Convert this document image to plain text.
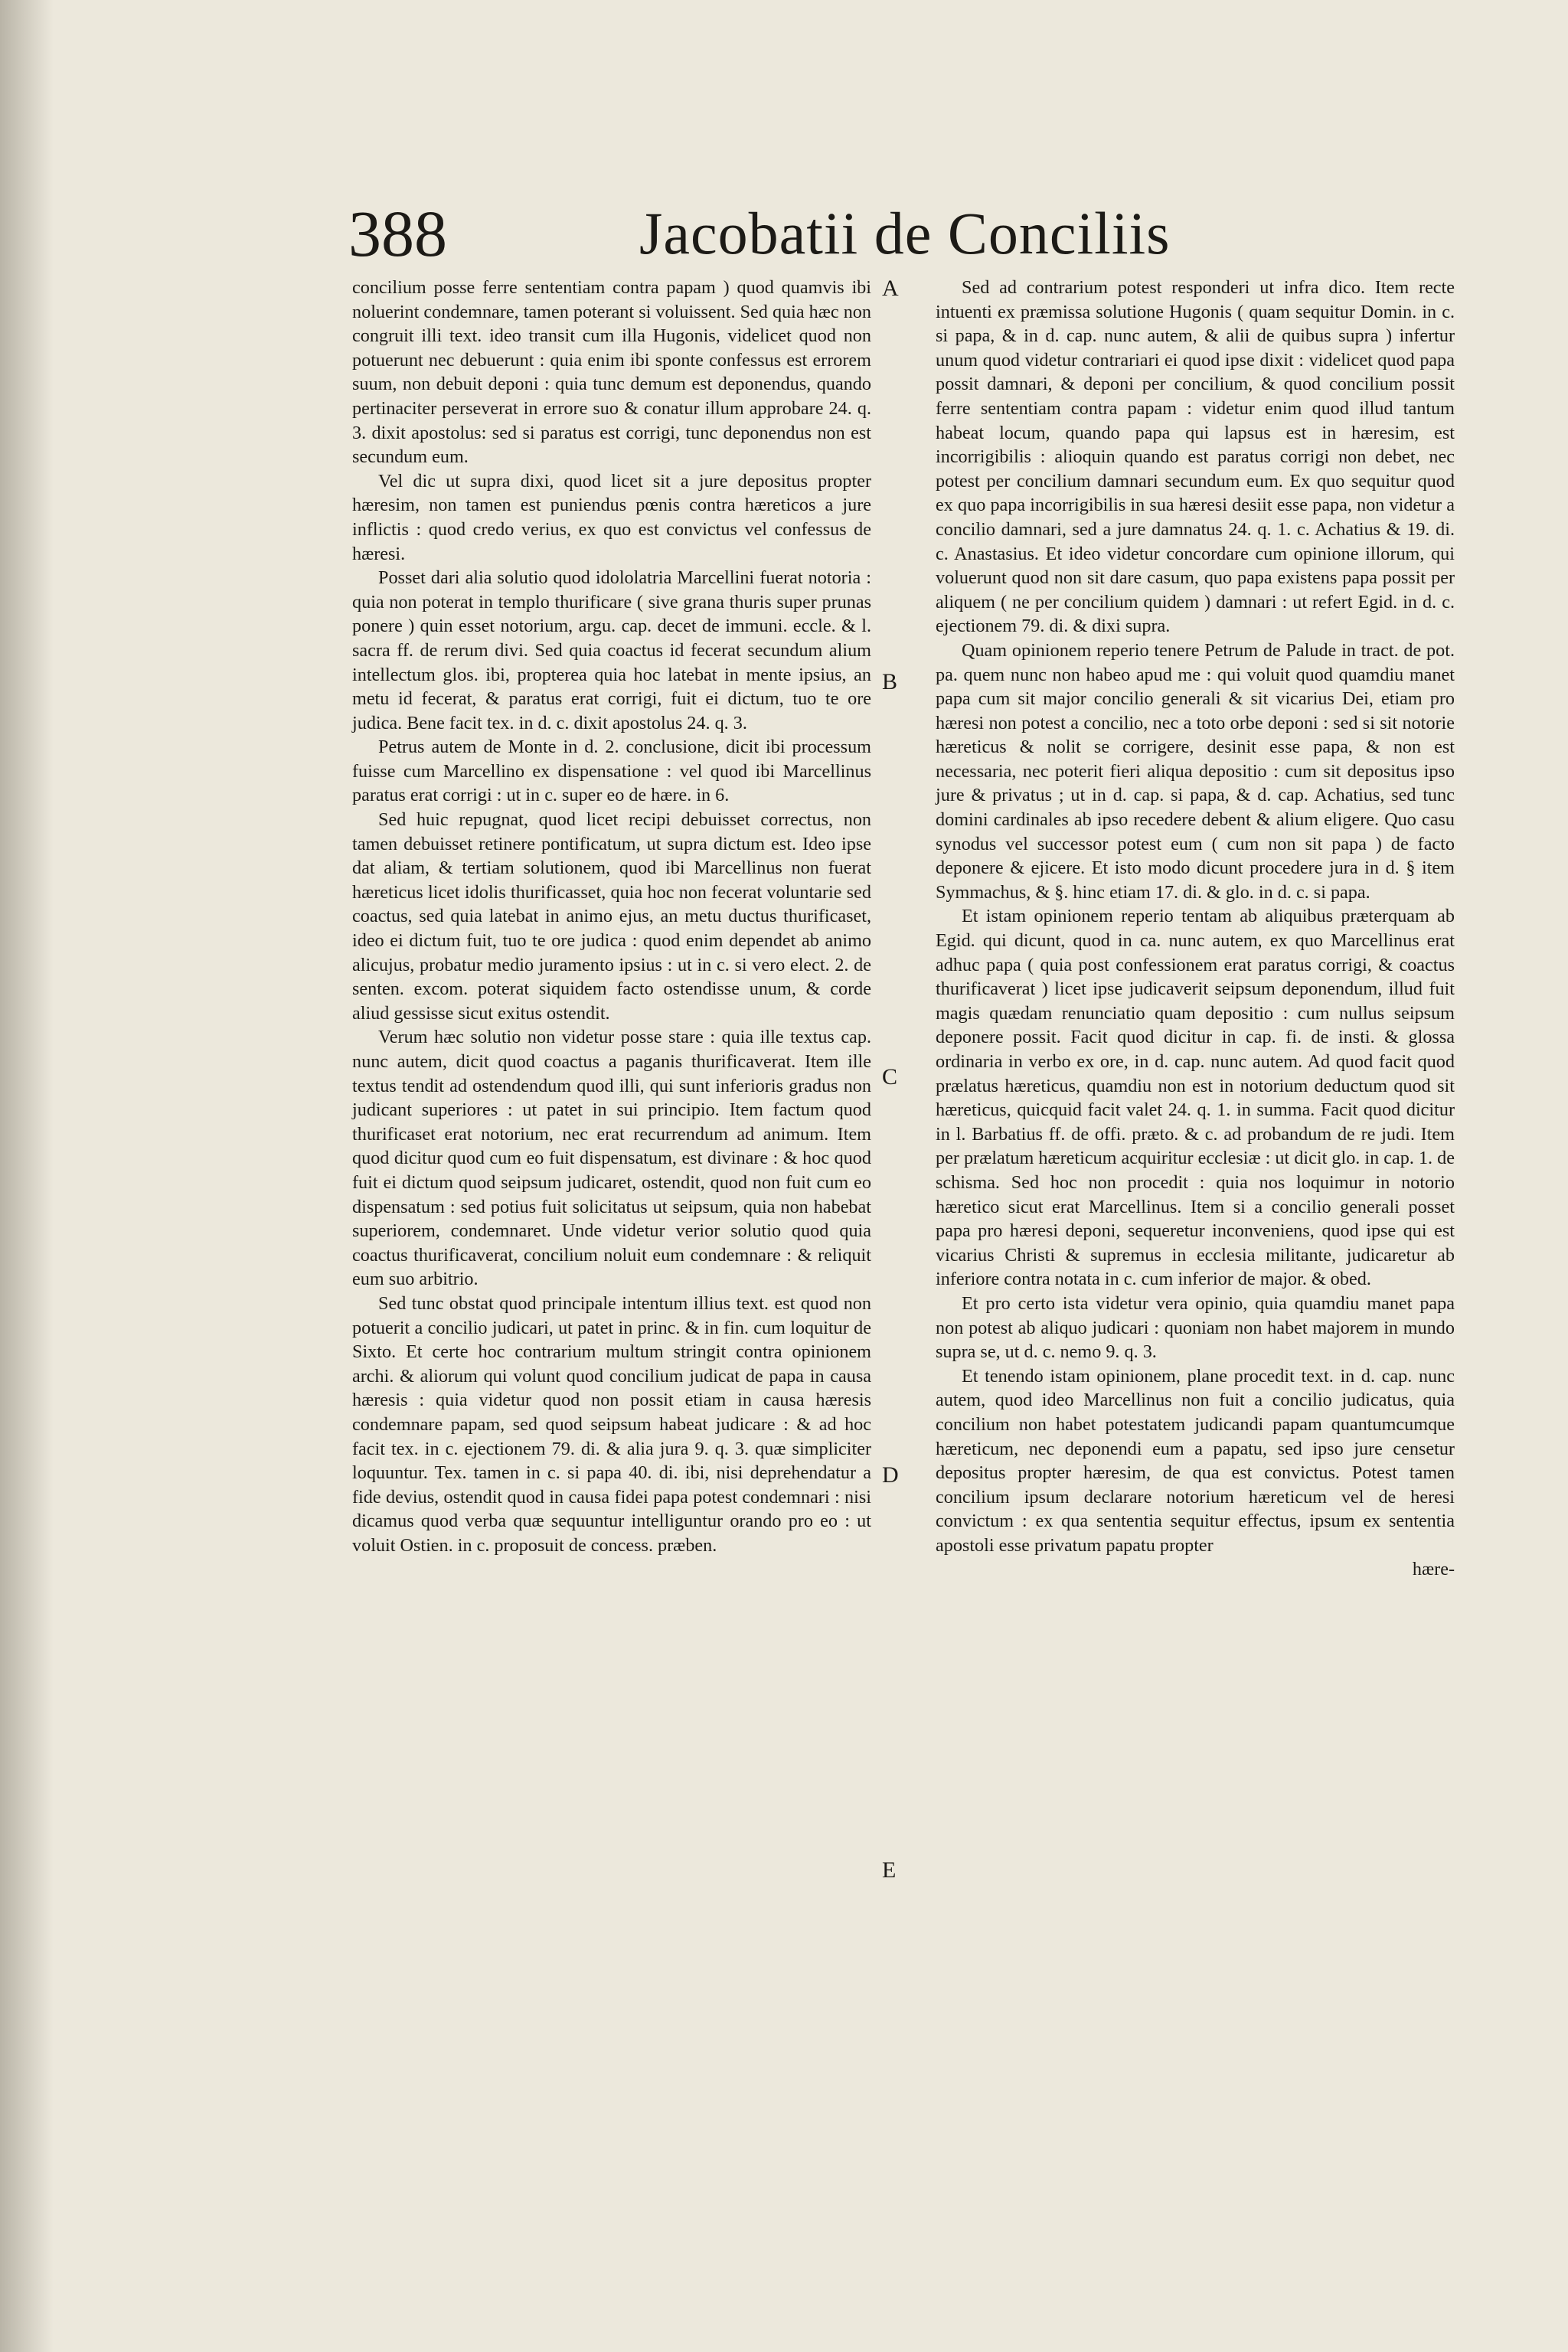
388	Jacobatii de Conciliis
A
B
C
D
E

concilium posse ferre sententiam contra papam ) quod quamvis ibi noluerint condemnare, tamen poterant si voluissent. Sed quia hæc non congruit illi text. ideo transit cum illa Hugonis, videlicet quod non potuerunt nec debuerunt : quia enim ibi sponte confessus est errorem suum, non debuit deponi : quia tunc demum est deponendus, quando pertinaciter perseverat in errore suo & conatur illum approbare 24. q. 3. dixit apostolus: sed si paratus est corrigi, tunc deponendus non est secundum eum.

Vel dic ut supra dixi, quod licet sit a jure depositus propter hæresim, non tamen est puniendus pœnis contra hæreticos a jure inflictis : quod credo verius, ex quo est convictus vel confessus de hæresi.

Posset dari alia solutio quod idololatria Marcellini fuerat notoria : quia non poterat in templo thurificare ( sive grana thuris super prunas ponere ) quin esset notorium, argu. cap. decet de immuni. eccle. & l. sacra ff. de rerum divi. Sed quia coactus id fecerat secundum alium intellectum glos. ibi, propterea quia hoc latebat in mente ipsius, an metu id fecerat, & paratus erat corrigi, fuit ei dictum, tuo te ore judica. Bene facit tex. in d. c. dixit apostolus 24. q. 3.

Petrus autem de Monte in d. 2. conclusione, dicit ibi processum fuisse cum Marcellino ex dispensatione : vel quod ibi Marcellinus paratus erat corrigi : ut in c. super eo de hære. in 6.

Sed huic repugnat, quod licet recipi debuisset correctus, non tamen debuisset retinere pontificatum, ut supra dictum est. Ideo ipse dat aliam, & tertiam solutionem, quod ibi Marcellinus non fuerat hæreticus licet idolis thurificasset, quia hoc non fecerat voluntarie sed coactus, sed quia latebat in animo ejus, an metu ductus thurificaset, ideo ei dictum fuit, tuo te ore judica : quod enim dependet ab animo alicujus, probatur medio juramento ipsius : ut in c. si vero elect. 2. de senten. excom. poterat siquidem facto ostendisse unum, & corde aliud gessisse sicut exitus ostendit.

Verum hæc solutio non videtur posse stare : quia ille textus cap. nunc autem, dicit quod coactus a paganis thurificaverat. Item ille textus tendit ad ostendendum quod illi, qui sunt inferioris gradus non judicant superiores : ut patet in sui principio. Item factum quod thurificaset erat notorium, nec erat recurrendum ad animum. Item quod dicitur quod cum eo fuit dispensatum, est divinare : & hoc quod fuit ei dictum quod seipsum judicaret, ostendit, quod non fuit cum eo dispensatum : sed potius fuit solicitatus ut seipsum, quia non habebat superiorem, condemnaret. Unde videtur verior solutio quod quia coactus thurificaverat, concilium noluit eum condemnare : & reliquit eum suo arbitrio.

Sed tunc obstat quod principale intentum illius text. est quod non potuerit a concilio judicari, ut patet in princ. & in fin. cum loquitur de Sixto. Et certe hoc contrarium multum stringit contra opinionem archi. & aliorum qui volunt quod concilium judicat de papa in causa hæresis : quia videtur quod non possit etiam in causa hæresis condemnare papam, sed quod seipsum habeat judicare : & ad hoc facit tex. in c. ejectionem 79. di. & alia jura 9. q. 3. quæ simpliciter loquuntur. Tex. tamen in c. si papa 40. di. ibi, nisi deprehendatur a fide devius, ostendit quod in causa fidei papa potest condemnari : nisi dicamus quod verba quæ sequuntur intelliguntur orando pro eo : ut voluit Ostien. in c. proposuit de concess. præben.

Sed ad contrarium potest responderi ut infra dico. Item recte intuenti ex præmissa solutione Hugonis ( quam sequitur Domin. in c. si papa, & in d. cap. nunc autem, & alii de quibus supra ) infertur unum quod videtur contrariari ei quod ipse dixit : videlicet quod papa possit damnari, & deponi per concilium, & quod concilium possit ferre sententiam contra papam : videtur enim quod illud tantum habeat locum, quando papa qui lapsus est in hæresim, est incorrigibilis : alioquin quando est paratus corrigi non debet, nec potest per concilium damnari secundum eum. Ex quo sequitur quod ex quo papa incorrigibilis in sua hæresi desiit esse papa, non videtur a concilio damnari, sed a jure damnatus 24. q. 1. c. Achatius & 19. di. c. Anastasius. Et ideo videtur concordare cum opinione illorum, qui voluerunt quod non sit dare casum, quo papa existens papa possit per aliquem ( ne per concilium quidem ) damnari : ut refert Egid. in d. c. ejectionem 79. di. & dixi supra.

Quam opinionem reperio tenere Petrum de Palude in tract. de pot. pa. quem nunc non habeo apud me : qui voluit quod quamdiu manet papa cum sit major concilio generali & sit vicarius Dei, etiam pro hæresi non potest a concilio, nec a toto orbe deponi : sed si sit notorie hæreticus & nolit se corrigere, desinit esse papa, & non est necessaria, nec poterit fieri aliqua depositio : cum sit depositus ipso jure & privatus ; ut in d. cap. si papa, & d. cap. Achatius, sed tunc domini cardinales ab ipso recedere debent & alium eligere. Quo casu synodus vel successor potest eum ( cum non sit papa ) de facto deponere & ejicere. Et isto modo dicunt procedere jura in d. § item Symmachus, & §. hinc etiam 17. di. & glo. in d. c. si papa.

Et istam opinionem reperio tentam ab aliquibus præterquam ab Egid. qui dicunt, quod in ca. nunc autem, ex quo Marcellinus erat adhuc papa ( quia post confessionem erat paratus corrigi, & coactus thurificaverat ) licet ipse judicaverit seipsum deponendum, illud fuit magis quædam renunciatio quam depositio : cum nullus seipsum deponere possit. Facit quod dicitur in cap. fi. de insti. & glossa ordinaria in verbo ex ore, in d. cap. nunc autem. Ad quod facit quod prælatus hæreticus, quamdiu non est in notorium deductum quod sit hæreticus, quicquid facit valet 24. q. 1. in summa. Facit quod dicitur in l. Barbatius ff. de offi. præto. & c. ad probandum de re judi. Item per prælatum hæreticum acquiritur ecclesiæ : ut dicit glo. in cap. 1. de schisma. Sed hoc non procedit : quia nos loquimur in notorio hæretico sicut erat Marcellinus. Item si a concilio generali posset papa pro hæresi deponi, sequeretur inconveniens, quod ipse qui est vicarius Christi & supremus in ecclesia militante, judicaretur ab inferiore contra notata in c. cum inferior de major. & obed.

Et pro certo ista videtur vera opinio, quia quamdiu manet papa non potest ab aliquo judicari : quoniam non habet majorem in mundo supra se, ut d. c. nemo 9. q. 3.

Et tenendo istam opinionem, plane procedit text. in d. cap. nunc autem, quod ideo Marcellinus non fuit a concilio judicatus, quia concilium non habet potestatem judicandi papam quantumcumque hæreticum, nec deponendi eum a papatu, sed ipso jure censetur depositus propter hæresim, de qua est convictus. Potest tamen concilium ipsum declarare notorium hæreticum vel de heresi convictum : ex qua sententia sequitur effectus, ipsum ex sententia apostoli esse privatum papatu propter

hære-
